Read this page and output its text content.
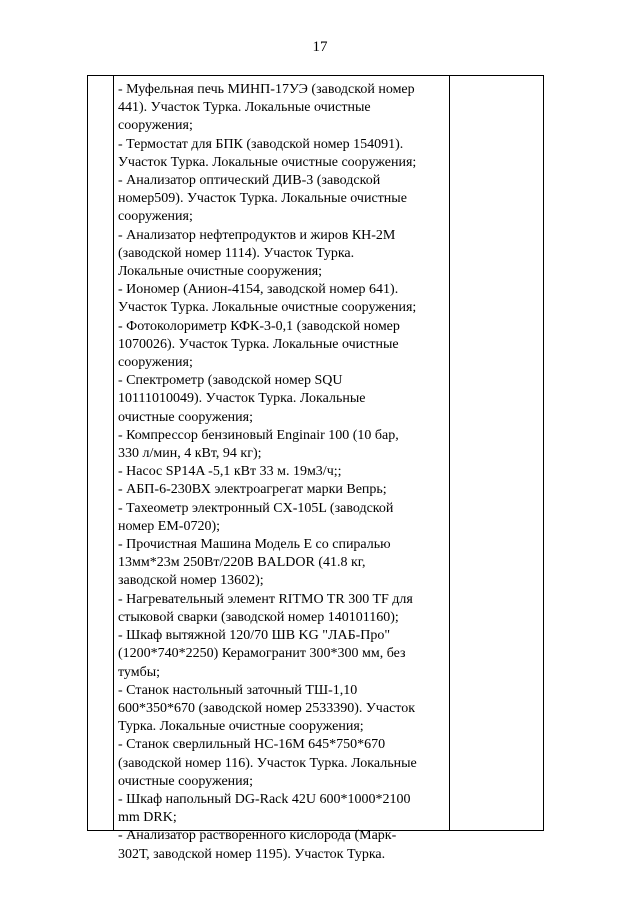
17

- Муфельная печь МИНП-17УЭ (заводской номер
441). Участок Турка. Локальные очистные
сооружения;

- Термостат для БПК (заводской номер 154091).
Участок Турка. Локальные очистные сооружения;

- Анализатор оптический ДИВ-3 (заводской
номер509). Участок Турка. Локальные очистные
сооружения;

- Анализатор нефтепродуктов и жиров КН-2М
(заводской номер 1114). Участок Турка.
Локальные очистные сооружения;

- Иономер (Анион-4154, заводской номер 641).
Участок Турка. Локальные очистные сооружения;

- Фотоколориметр КФК-3-0,1 (заводской номер
1070026). Участок Турка. Локальные очистные
сооружения;

- Спектрометр (заводской номер SQU
10111010049). Участок Турка. Локальные
очистные сооружения;

- Компрессор бензиновый Enginair 100 (10 бар,
330 л/мин, 4 кВт, 94 кг);

- Насос SP14A -5,1 кВт 33 м. 19м3/ч;;

- АБП-6-230ВХ электроагрегат марки Вепрь;

- Тахеометр электронный CX-105L (заводской
номер ЕМ-0720);

- Прочистная Машина Модель Е со спиралью
13мм*23м 250Вт/220В BALDOR (41.8 кг,
заводской номер 13602);

- Нагревательный элемент RITMO TR 300 TF для
стыковой сварки (заводской номер 140101160);

- Шкаф вытяжной 120/70 ШВ KG "ЛАБ-Про"
(1200*740*2250) Керамогранит 300*300 мм, без
тумбы;

- Станок настольный заточный ТШ-1,10
600*350*670 (заводской номер 2533390). Участок
Турка. Локальные очистные сооружения;

- Станок сверлильный НС-16М 645*750*670
(заводской номер 116). Участок Турка. Локальные
очистные сооружения;

- Шкаф напольный DG-Rack 42U 600*1000*2100
mm DRK;

- Анализатор растворенного кислорода (Марк-
302Т, заводской номер 1195). Участок Турка.
